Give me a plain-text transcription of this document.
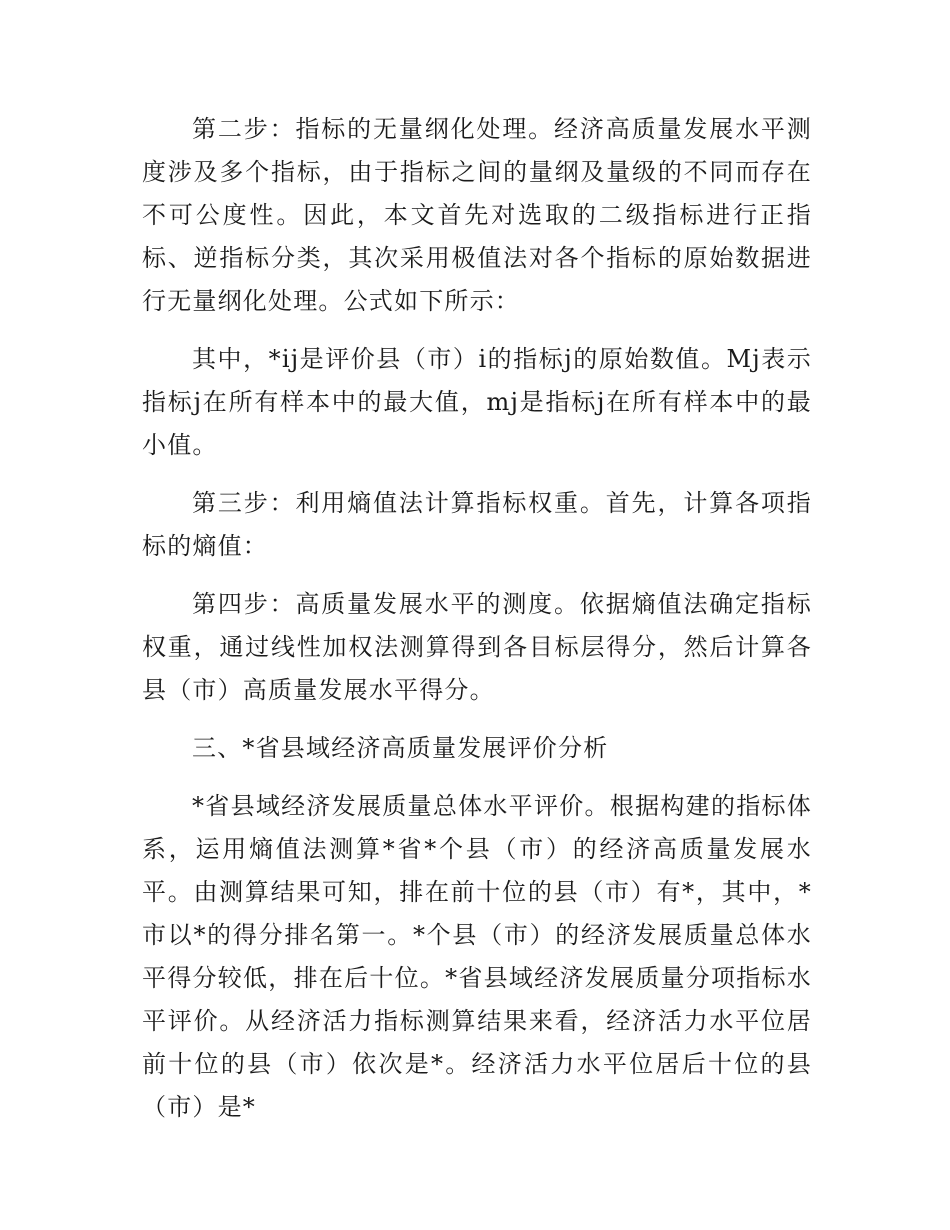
第二步：指标的无量纲化处理。经济高质量发展水平测度涉及多个指标，由于指标之间的量纲及量级的不同而存在不可公度性。因此，本文首先对选取的二级指标进行正指标、逆指标分类，其次采用极值法对各个指标的原始数据进行无量纲化处理。公式如下所示：

其中，*ij是评价县（市）i的指标j的原始数值。Mj表示指标j在所有样本中的最大值，mj是指标j在所有样本中的最小值。

第三步：利用熵值法计算指标权重。首先，计算各项指标的熵值：

第四步：高质量发展水平的测度。依据熵值法确定指标权重，通过线性加权法测算得到各目标层得分，然后计算各县（市）高质量发展水平得分。

三、*省县域经济高质量发展评价分析

*省县域经济发展质量总体水平评价。根据构建的指标体系，运用熵值法测算*省*个县（市）的经济高质量发展水平。由测算结果可知，排在前十位的县（市）有*，其中，*市以*的得分排名第一。*个县（市）的经济发展质量总体水平得分较低，排在后十位。*省县域经济发展质量分项指标水平评价。从经济活力指标测算结果来看，经济活力水平位居前十位的县（市）依次是*。经济活力水平位居后十位的县（市）是*
